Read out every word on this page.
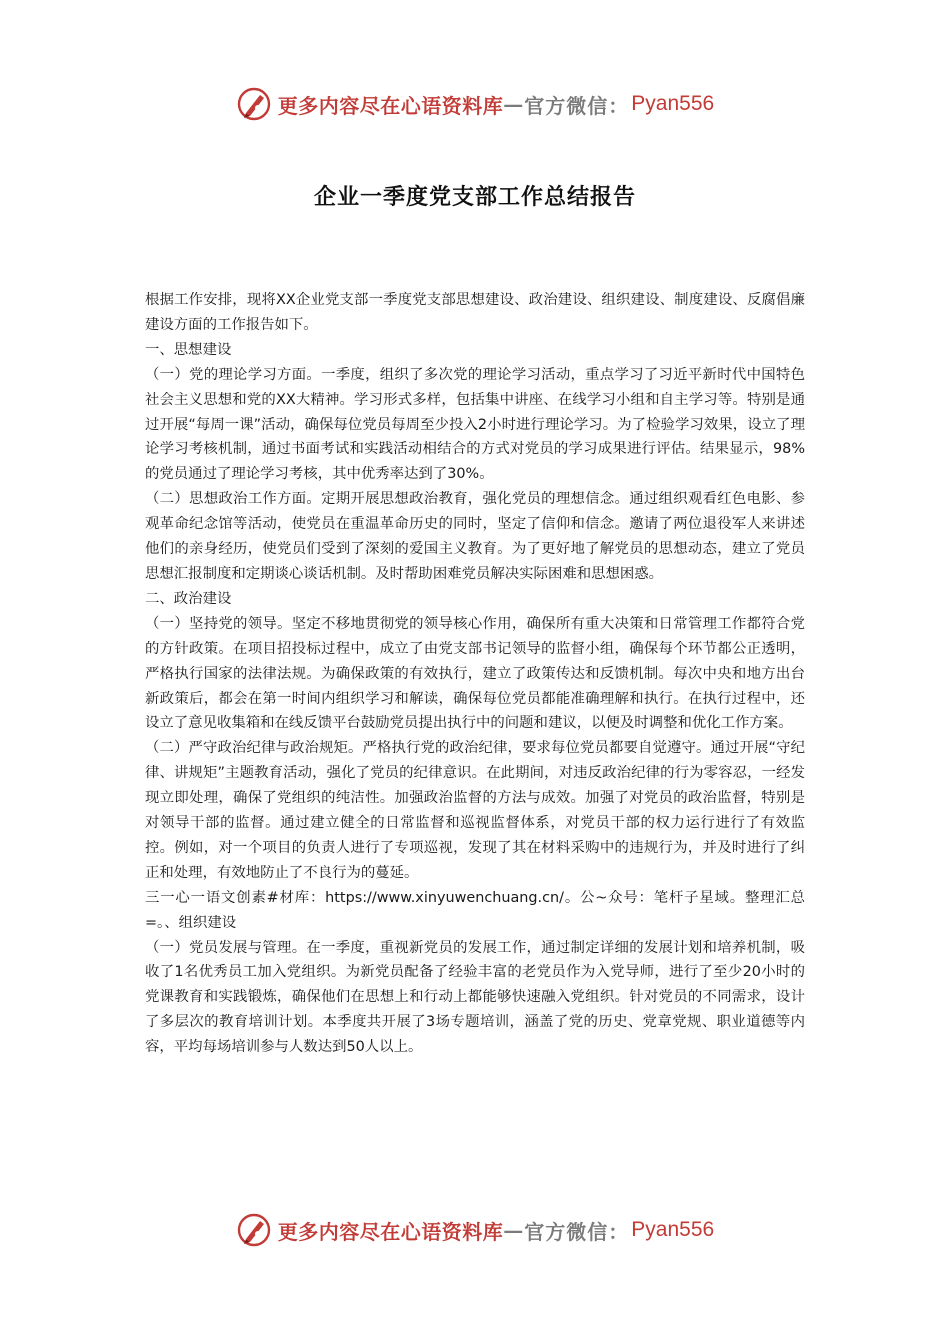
更多内容尽在心语资料库 — 官方微信： Pyan556
企业一季度党支部工作总结报告

根据工作安排，现将XX企业党支部一季度党支部思想建设、政治建设、组织建设、制度建设、反腐倡廉建设方面的工作报告如下。

一、思想建设

（一）党的理论学习方面。一季度，组织了多次党的理论学习活动，重点学习了习近平新时代中国特色社会主义思想和党的XX大精神。学习形式多样，包括集中讲座、在线学习小组和自主学习等。特别是通过开展“每周一课”活动，确保每位党员每周至少投入2小时进行理论学习。为了检验学习效果，设立了理论学习考核机制，通过书面考试和实践活动相结合的方式对党员的学习成果进行评估。结果显示，98%的党员通过了理论学习考核，其中优秀率达到了30%。

（二）思想政治工作方面。定期开展思想政治教育，强化党员的理想信念。通过组织观看红色电影、参观革命纪念馆等活动，使党员在重温革命历史的同时，坚定了信仰和信念。邀请了两位退役军人来讲述他们的亲身经历，使党员们受到了深刻的爱国主义教育。为了更好地了解党员的思想动态，建立了党员思想汇报制度和定期谈心谈话机制。及时帮助困难党员解决实际困难和思想困惑。

二、政治建设

（一）坚持党的领导。坚定不移地贯彻党的领导核心作用，确保所有重大决策和日常管理工作都符合党的方针政策。在项目招投标过程中，成立了由党支部书记领导的监督小组，确保每个环节都公正透明，严格执行国家的法律法规。为确保政策的有效执行，建立了政策传达和反馈机制。每次中央和地方出台新政策后，都会在第一时间内组织学习和解读，确保每位党员都能准确理解和执行。在执行过程中，还设立了意见收集箱和在线反馈平台鼓励党员提出执行中的问题和建议，以便及时调整和优化工作方案。

（二）严守政治纪律与政治规矩。严格执行党的政治纪律，要求每位党员都要自觉遵守。通过开展“守纪律、讲规矩”主题教育活动，强化了党员的纪律意识。在此期间，对违反政治纪律的行为零容忍，一经发现立即处理，确保了党组织的纯洁性。加强政治监督的方法与成效。加强了对党员的政治监督，特别是对领导干部的监督。通过建立健全的日常监督和巡视监督体系，对党员干部的权力运行进行了有效监控。例如，对一个项目的负责人进行了专项巡视，发现了其在材料采购中的违规行为，并及时进行了纠正和处理，有效地防止了不良行为的蔓延。

三一心一语文创素#材库：https://www.xinyuwenchuang.cn/。公~众号：笔杆子星域。整理汇总=。、组织建设

（一）党员发展与管理。在一季度，重视新党员的发展工作，通过制定详细的发展计划和培养机制，吸收了1名优秀员工加入党组织。为新党员配备了经验丰富的老党员作为入党导师，进行了至少20小时的党课教育和实践锻炼，确保他们在思想上和行动上都能够快速融入党组织。针对党员的不同需求，设计了多层次的教育培训计划。本季度共开展了3场专题培训，涵盖了党的历史、党章党规、职业道德等内容，平均每场培训参与人数达到50人以上。

更多内容尽在心语资料库 — 官方微信： Pyan556
